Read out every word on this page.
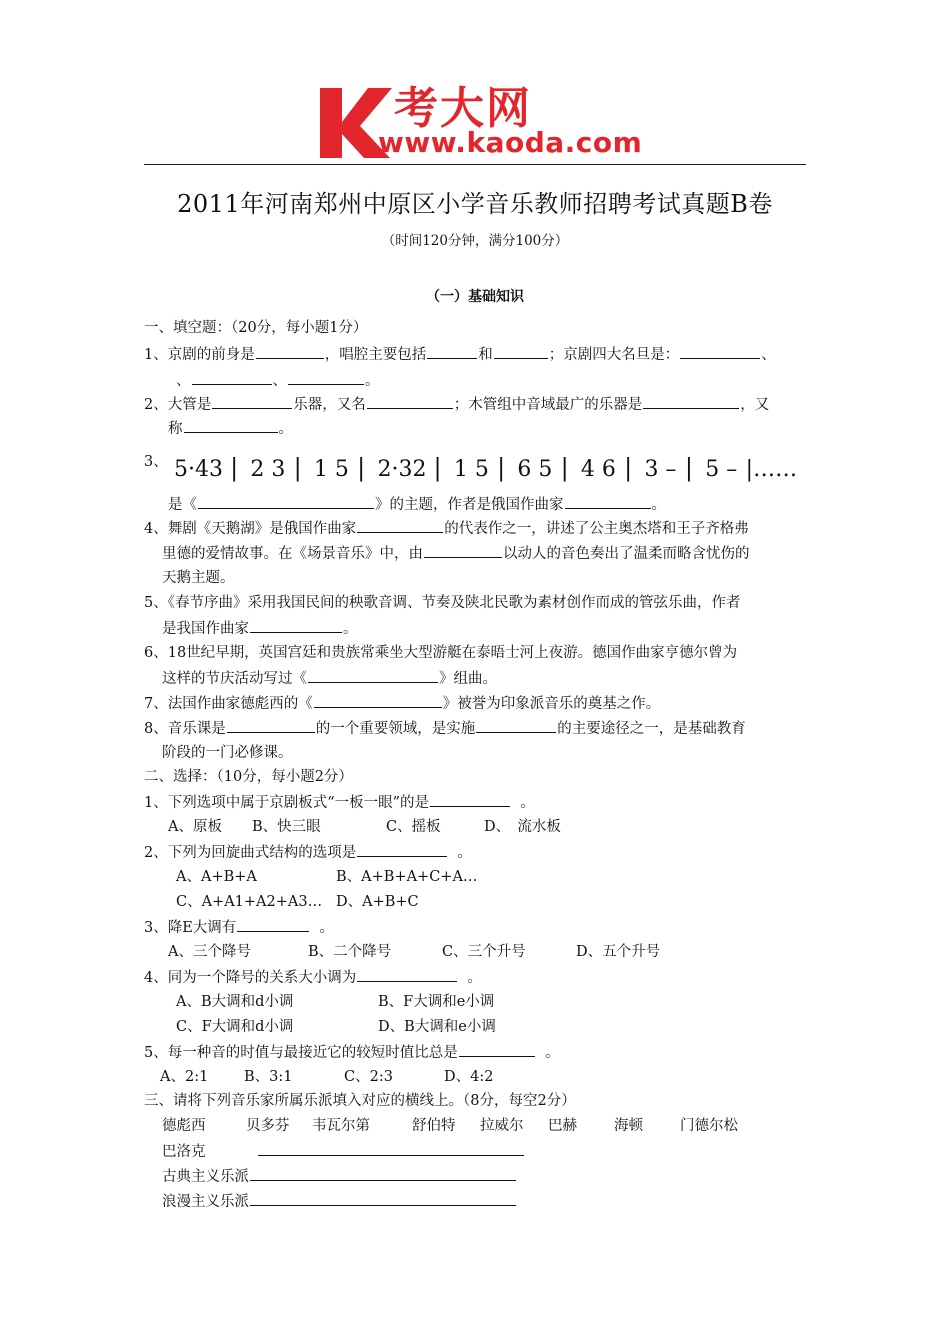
考大网
www.kaoda.com
2011年河南郑州中原区小学音乐教师招聘考试真题B卷
（时间120分钟，满分100分）
（一）基础知识
一、填空题：（20分，每小题1分）
1、京剧的前身是	，唱腔主要包括	和	；京剧四大名旦是：	、
、	、	。
2、大管是	乐器，又名	；木管组中音域最广的乐器是	，又
称	。
3、 5·43 | 2 3 | 1 5 | 2·32 | 1 5 | 6 5 | 4 6 | 3 – | 5 – |……
是《	》的主题，作者是俄国作曲家	。
4、舞剧《天鹅湖》是俄国作曲家	的代表作之一，讲述了公主奥杰塔和王子齐格弗
里德的爱情故事。在《场景音乐》中，由	以动人的音色奏出了温柔而略含忧伤的
天鹅主题。
5、《春节序曲》采用我国民间的秧歌音调、节奏及陕北民歌为素材创作而成的管弦乐曲，作者
是我国作曲家	。
6、18世纪早期，英国宫廷和贵族常乘坐大型游艇在泰晤士河上夜游。德国作曲家亨德尔曾为
这样的节庆活动写过《	》组曲。
7、法国作曲家德彪西的《	》被誉为印象派音乐的奠基之作。
8、音乐课是	的一个重要领域，是实施	的主要途径之一，是基础教育
阶段的一门必修课。
二、选择：（10分，每小题2分）
1、下列选项中属于京剧板式“一板一眼”的是	。
A、原板 B、快三眼	C、摇板	D、　流水板
2、下列为回旋曲式结构的选项是	。
A、A+B+A	B、A+B+A+C+A…
C、A+A1+A2+A3… D、A+B+C
3、降E大调有	。
A、三个降号	B、二个降号	C、三个升号	D、五个升号
4、同为一个降号的关系大小调为	。
A、B大调和d小调	B、F大调和e小调
C、F大调和d小调	D、B大调和e小调
5、每一种音的时值与最接近它的较短时值比总是	。
A、2:1 B、3:1	C、2:3	D、4:2
三、请将下列音乐家所属乐派填入对应的横线上。（8分，每空2分）
德彪西	贝多芬 韦瓦尔第	舒伯特 拉威尔 巴赫	海顿	门德尔松
巴洛克
古典主义乐派
浪漫主义乐派
